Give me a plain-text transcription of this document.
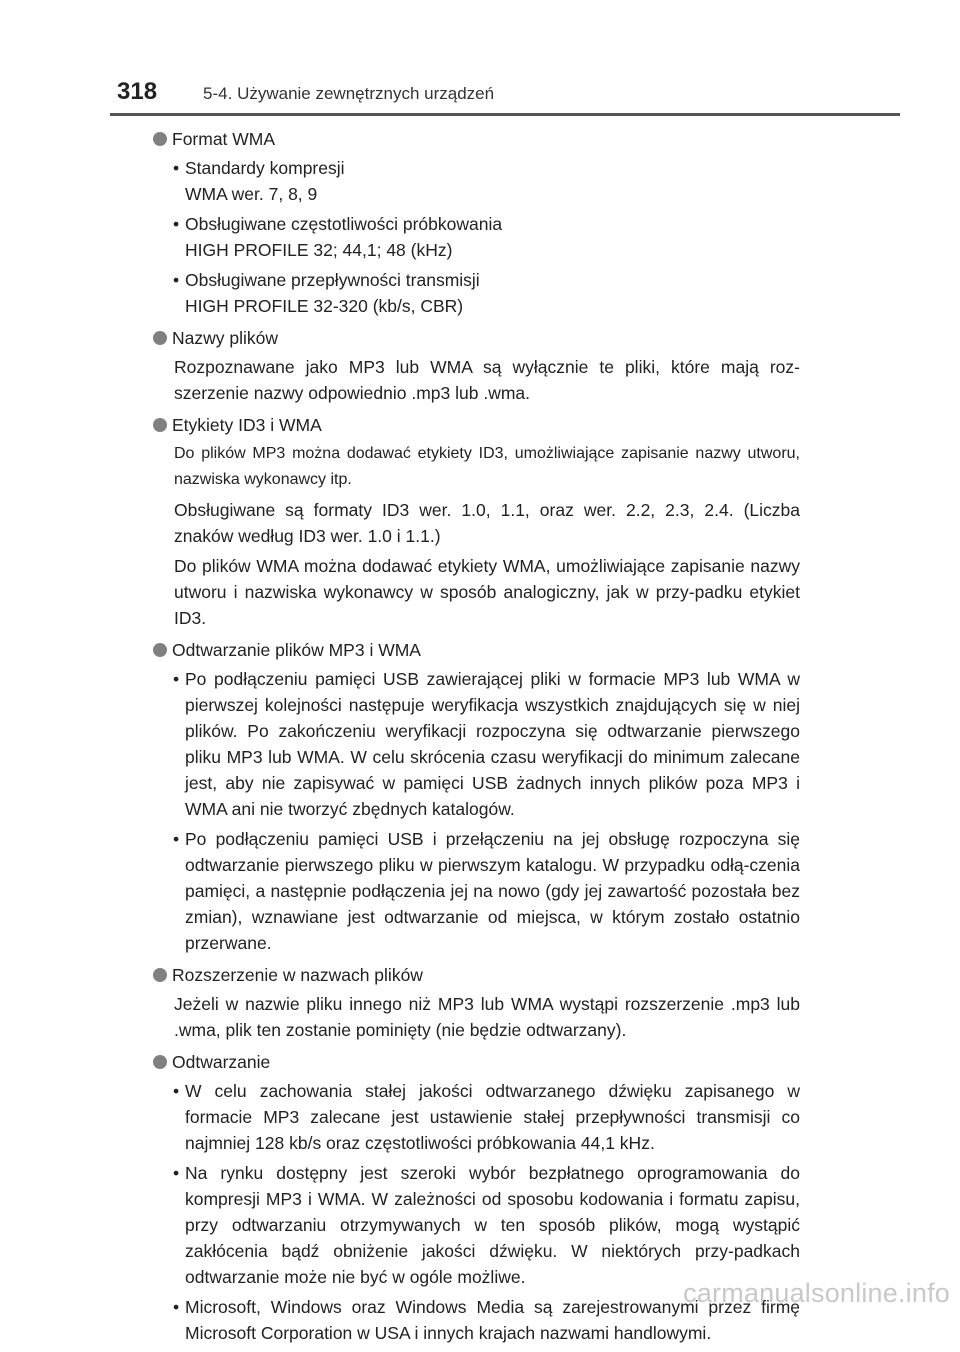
318	5-4. Używanie zewnętrznych urządzeń
Format WMA
• Standardy kompresji
WMA wer. 7, 8, 9
• Obsługiwane częstotliwości próbkowania
HIGH PROFILE 32; 44,1; 48 (kHz)
• Obsługiwane przepływności transmisji
HIGH PROFILE 32-320 (kb/s, CBR)
Nazwy plików
Rozpoznawane jako MP3 lub WMA są wyłącznie te pliki, które mają roz-szerzenie nazwy odpowiednio .mp3 lub .wma.
Etykiety ID3 i WMA
Do plików MP3 można dodawać etykiety ID3, umożliwiające zapisanie nazwy utworu, nazwiska wykonawcy itp.
Obsługiwane są formaty ID3 wer. 1.0, 1.1, oraz wer. 2.2, 2.3, 2.4. (Liczba znaków według ID3 wer. 1.0 i 1.1.)
Do plików WMA można dodawać etykiety WMA, umożliwiające zapisanie nazwy utworu i nazwiska wykonawcy w sposób analogiczny, jak w przy-padku etykiet ID3.
Odtwarzanie plików MP3 i WMA
• Po podłączeniu pamięci USB zawierającej pliki w formacie MP3 lub WMA w pierwszej kolejności następuje weryfikacja wszystkich znajdujących się w niej plików. Po zakończeniu weryfikacji rozpoczyna się odtwarzanie pierwszego pliku MP3 lub WMA. W celu skrócenia czasu weryfikacji do minimum zalecane jest, aby nie zapisywać w pamięci USB żadnych innych plików poza MP3 i WMA ani nie tworzyć zbędnych katalogów.
• Po podłączeniu pamięci USB i przełączeniu na jej obsługę rozpoczyna się odtwarzanie pierwszego pliku w pierwszym katalogu. W przypadku odłą-czenia pamięci, a następnie podłączenia jej na nowo (gdy jej zawartość pozostała bez zmian), wznawiane jest odtwarzanie od miejsca, w którym zostało ostatnio przerwane.
Rozszerzenie w nazwach plików
Jeżeli w nazwie pliku innego niż MP3 lub WMA wystąpi rozszerzenie .mp3 lub .wma, plik ten zostanie pominięty (nie będzie odtwarzany).
Odtwarzanie
• W celu zachowania stałej jakości odtwarzanego dźwięku zapisanego w formacie MP3 zalecane jest ustawienie stałej przepływności transmisji co najmniej 128 kb/s oraz częstotliwości próbkowania 44,1 kHz.
• Na rynku dostępny jest szeroki wybór bezpłatnego oprogramowania do kompresji MP3 i WMA. W zależności od sposobu kodowania i formatu zapisu, przy odtwarzaniu otrzymywanych w ten sposób plików, mogą wystąpić zakłócenia bądź obniżenie jakości dźwięku. W niektórych przy-padkach odtwarzanie może nie być w ogóle możliwe.
• Microsoft, Windows oraz Windows Media są zarejestrowanymi przez firmę Microsoft Corporation w USA i innych krajach nazwami handlowymi.
carmanualsonline.info
